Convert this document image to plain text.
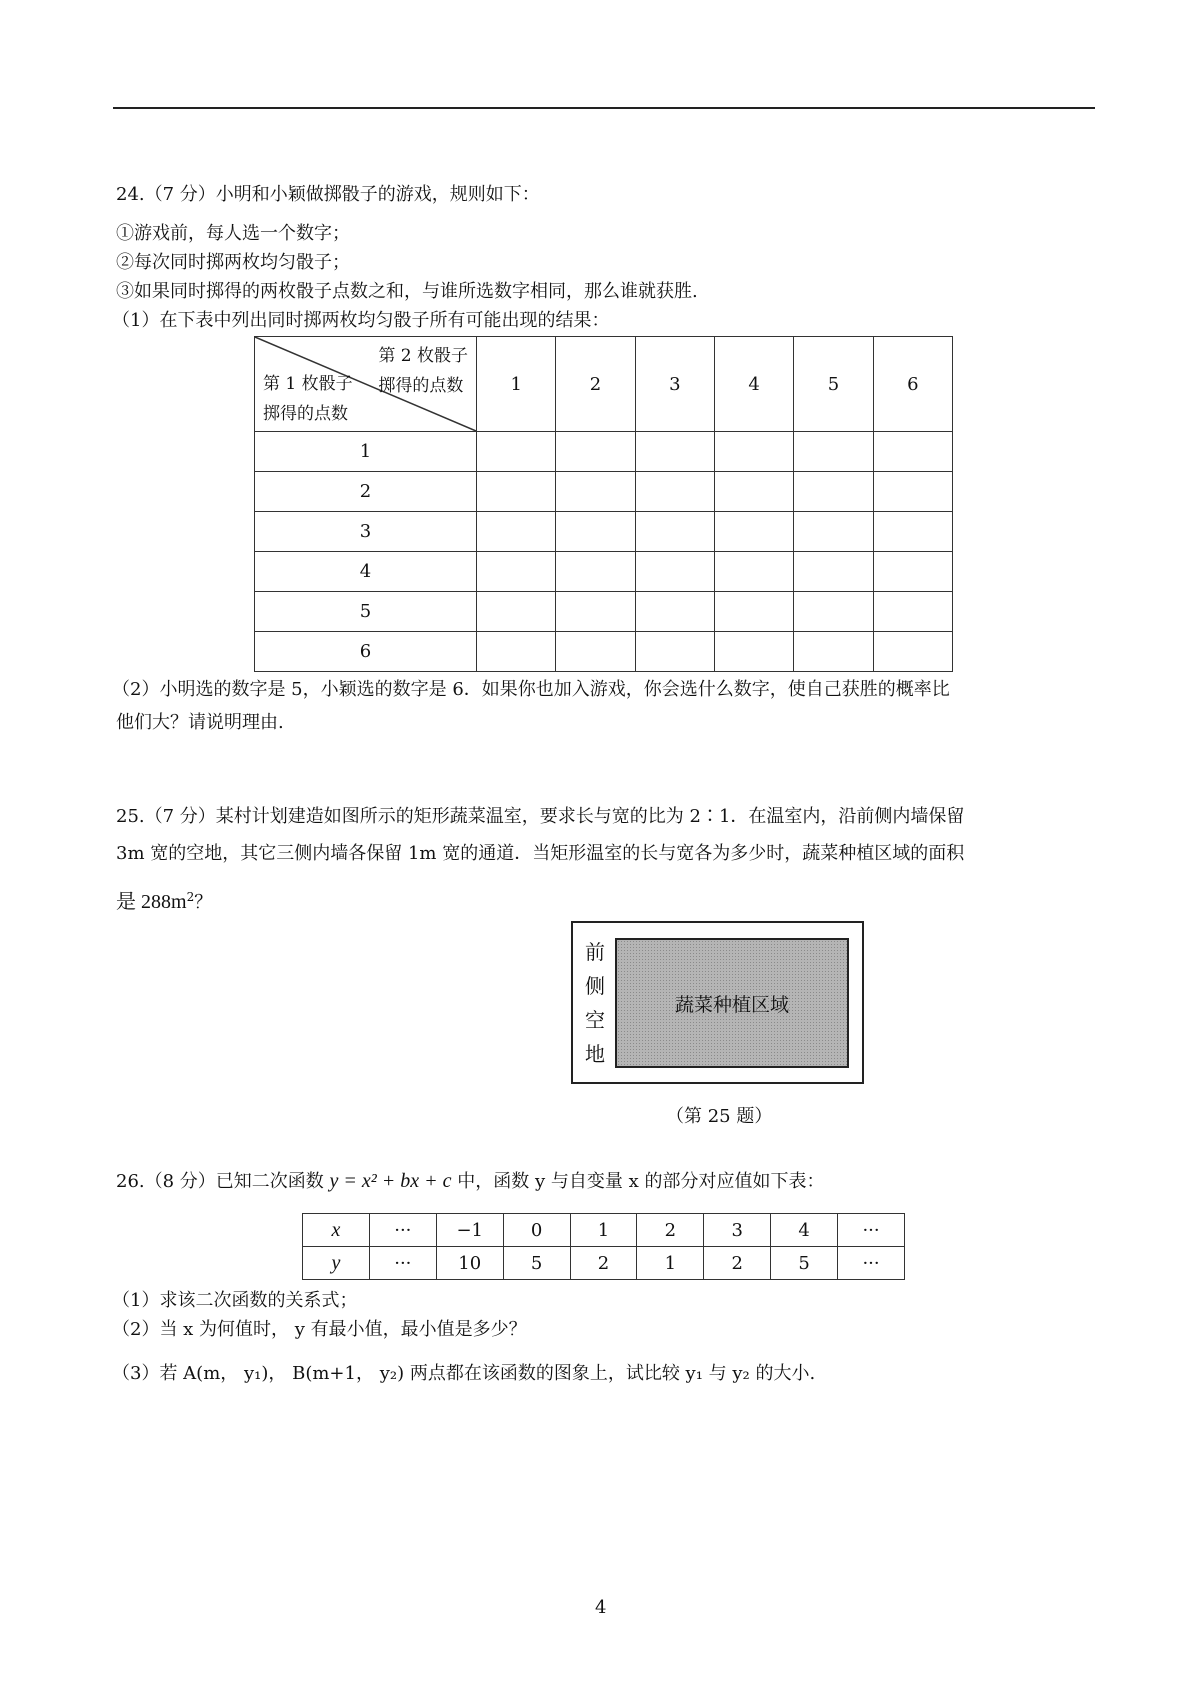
24.（7 分）小明和小颖做掷骰子的游戏，规则如下：
①游戏前，每人选一个数字；
②每次同时掷两枚均匀骰子；
③如果同时掷得的两枚骰子点数之和，与谁所选数字相同，那么谁就获胜.
（1）在下表中列出同时掷两枚均匀骰子所有可能出现的结果：
第 2 枚骰子
掷得的点数
第 1 枚骰子
掷得的点数	1	2	3	4	5	6
1						
2						
3						
4						
5						
6						
（2）小明选的数字是 5，小颖选的数字是 6．如果你也加入游戏，你会选什么数字，使自己获胜的概率比
他们大？请说明理由.
25.（7 分）某村计划建造如图所示的矩形蔬菜温室，要求长与宽的比为 2∶1．在温室内，沿前侧内墙保留
3m 宽的空地，其它三侧内墙各保留 1m 宽的通道．当矩形温室的长与宽各为多少时，蔬菜种植区域的面积
是 $288m^2$？
前
侧
空
地
蔬菜种植区域
（第 25 题）
26.（8 分）已知二次函数 y = x² + bx + c 中，函数 y 与自变量 x 的部分对应值如下表：
x	···	−1	0	1	2	3	4	···
y	···	10	5	2	1	2	5	···
（1）求该二次函数的关系式；
（2）当 x 为何值时， y 有最小值，最小值是多少？
（3）若 A(m， y₁)， B(m+1， y₂) 两点都在该函数的图象上，试比较 y₁ 与 y₂ 的大小.
4
